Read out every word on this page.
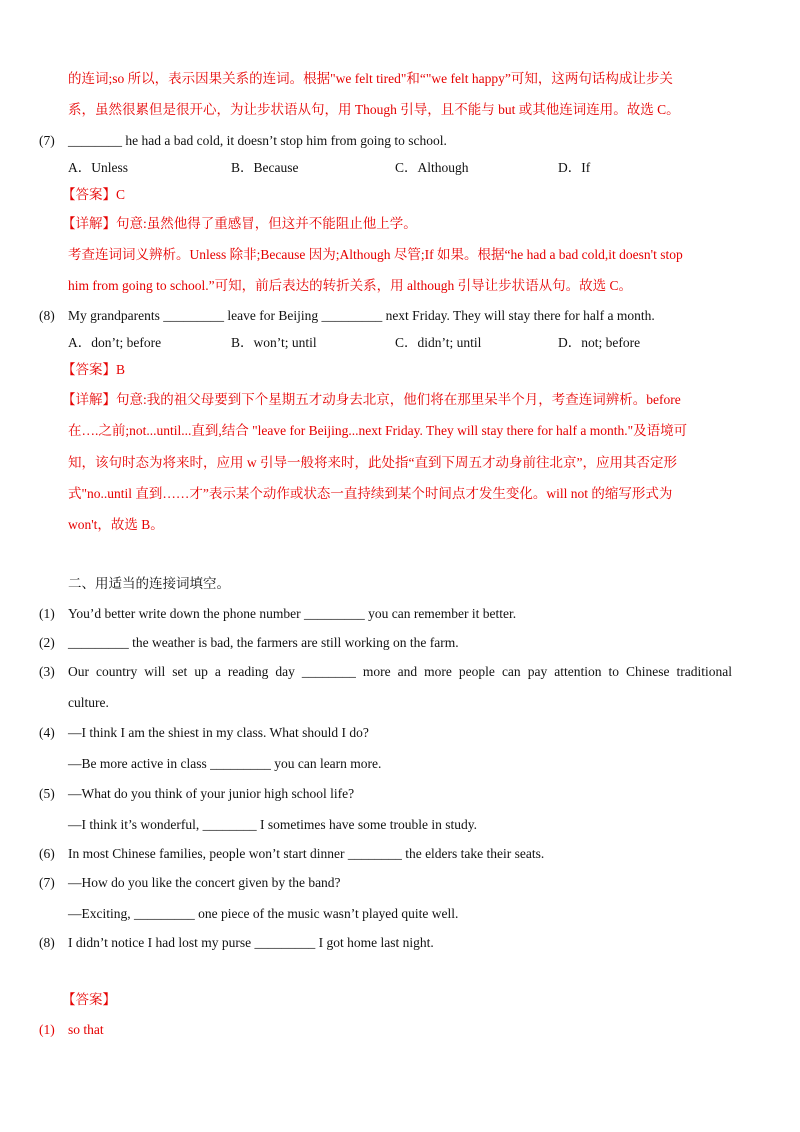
的连词;so 所以，表示因果关系的连词。根据"we felt tired"和“"we felt happy”可知，这两句话构成让步关
系，虽然很累但是很开心，为让步状语从句，用 Though 引导，且不能与 but 或其他连词连用。故选 C。
(7) ________ he had a bad cold, it doesn’t stop him from going to school.
A．Unless	B．Because	C．Although	D．If
【答案】C
【详解】句意:虽然他得了重感冒，但这并不能阻止他上学。
考查连词词义辨析。Unless 除非;Because 因为;Although 尽管;If 如果。根据“he had a bad cold,it doesn't stop
him from going to school.”可知，前后表达的转折关系，用 although 引导让步状语从句。故选 C。
(8) My grandparents _________ leave for Beijing _________ next Friday. They will stay there for half a month.
A．don’t; before	B．won’t; until	C．didn’t; until	D．not; before
【答案】B
【详解】句意:我的祖父母要到下个星期五才动身去北京，他们将在那里呆半个月，考查连词辨析。before
在….之前;not...until...直到,结合 "leave for Beijing...next Friday. They will stay there for half a month."及语境可
知，该句时态为将来时，应用 w 引导一般将来时，此处指“直到下周五才动身前往北京”，应用其否定形
式"no..until 直到……才”表示某个动作或状态一直持续到某个时间点才发生变化。will not 的缩写形式为
won't，故选 B。
二、用适当的连接词填空。
(1) You’d better write down the phone number _________ you can remember it better.
(2) _________ the weather is bad, the farmers are still working on the farm.
(3) Our country will set up a reading day ________ more and more people can pay attention to Chinese traditional
culture.
(4) —I think I am the shiest in my class. What should I do?
—Be more active in class _________ you can learn more.
(5) —What do you think of your junior high school life?
—I think it’s wonderful, ________ I sometimes have some trouble in study.
(6) In most Chinese families, people won’t start dinner ________ the elders take their seats.
(7) —How do you like the concert given by the band?
—Exciting, _________ one piece of the music wasn’t played quite well.
(8) I didn’t notice I had lost my purse _________ I got home last night.
【答案】
(1) so that
